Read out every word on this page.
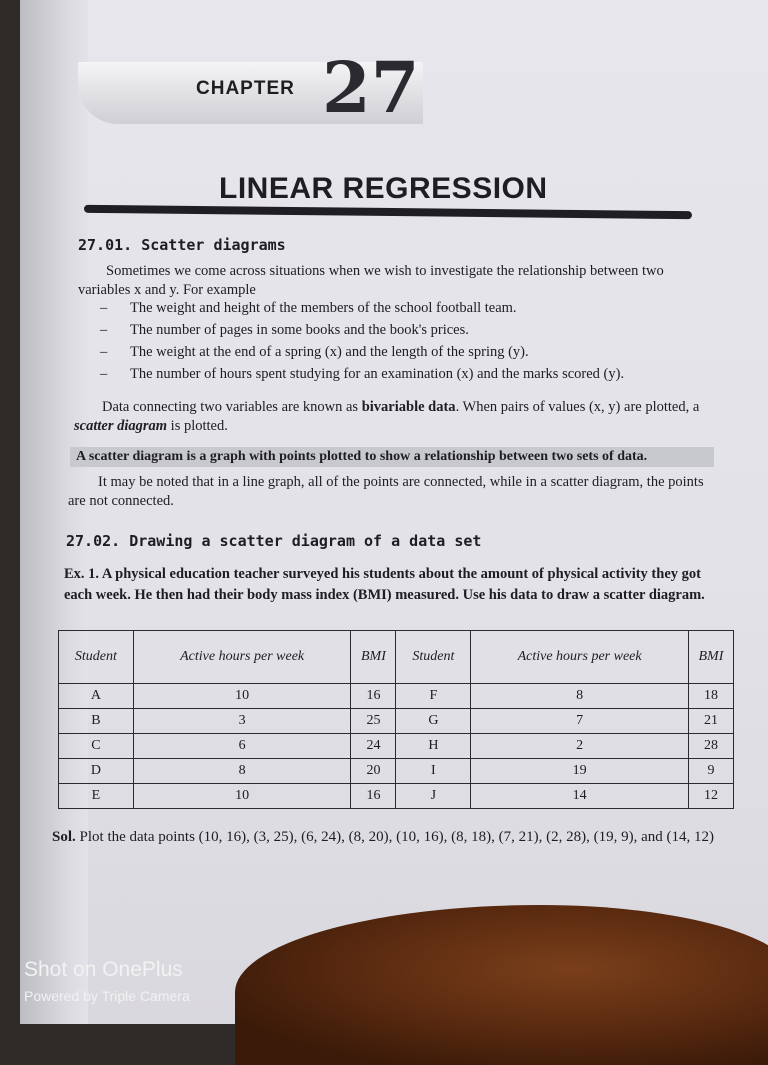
CHAPTER 27
LINEAR REGRESSION
27.01. Scatter diagrams
Sometimes we come across situations when we wish to investigate the relationship between two variables x and y. For example
– The weight and height of the members of the school football team.
– The number of pages in some books and the book's prices.
– The weight at the end of a spring (x) and the length of the spring (y).
– The number of hours spent studying for an examination (x) and the marks scored (y).
Data connecting two variables are known as bivariable data. When pairs of values (x, y) are plotted, a scatter diagram is plotted.
A scatter diagram is a graph with points plotted to show a relationship between two sets of data.
It may be noted that in a line graph, all of the points are connected, while in a scatter diagram, the points are not connected.
27.02. Drawing a scatter diagram of a data set
Ex. 1. A physical education teacher surveyed his students about the amount of physical activity they got each week. He then had their body mass index (BMI) measured. Use his data to draw a scatter diagram.
Student	Active hours per week	BMI	Student	Active hours per week	BMI
A	10	16	F	8	18
B	3	25	G	7	21
C	6	24	H	2	28
D	8	20	I	19	9
E	10	16	J	14	12
Sol. Plot the data points (10, 16), (3, 25), (6, 24), (8, 20), (10, 16), (8, 18), (7, 21), (2, 28), (19, 9), and (14, 12)
Shot on OnePlus
Powered by Triple Camera
